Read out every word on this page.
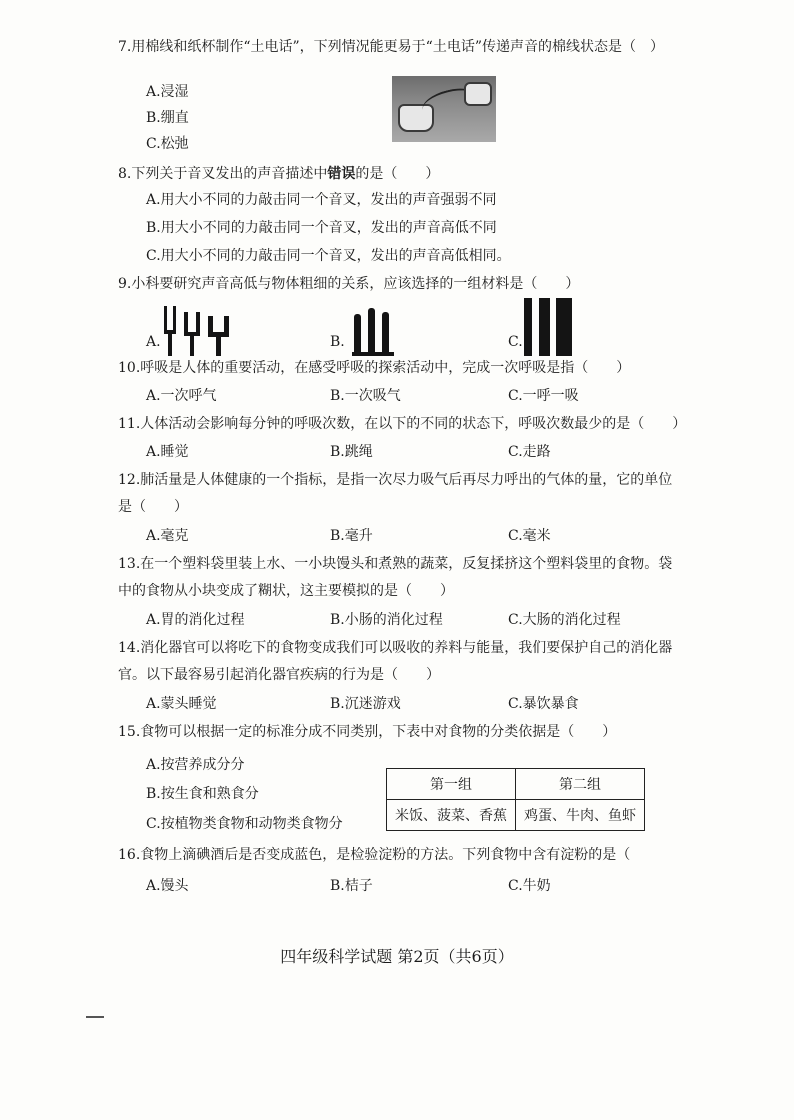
7.用棉线和纸杯制作“土电话”，下列情况能更易于“土电话”传递声音的棉线状态是（　）
A.浸湿
B.绷直
C.松弛
8.下列关于音叉发出的声音描述中错误的是（　　）
A.用大小不同的力敲击同一个音叉，发出的声音强弱不同
B.用大小不同的力敲击同一个音叉，发出的声音高低不同
C.用大小不同的力敲击同一个音叉，发出的声音高低相同。
9.小科要研究声音高低与物体粗细的关系，应该选择的一组材料是（　　）
A.	B.	C.
10.呼吸是人体的重要活动，在感受呼吸的探索活动中，完成一次呼吸是指（　　）
A.一次呼气	B.一次吸气	C.一呼一吸
11.人体活动会影响每分钟的呼吸次数，在以下的不同的状态下，呼吸次数最少的是（　　）
A.睡觉	B.跳绳	C.走路
12.肺活量是人体健康的一个指标，是指一次尽力吸气后再尽力呼出的气体的量，它的单位
是（　　）
A.毫克	B.毫升	C.毫米
13.在一个塑料袋里装上水、一小块馒头和煮熟的蔬菜，反复揉挤这个塑料袋里的食物。袋
中的食物从小块变成了糊状，这主要模拟的是（　　）
A.胃的消化过程	B.小肠的消化过程	C.大肠的消化过程
14.消化器官可以将吃下的食物变成我们可以吸收的养料与能量，我们要保护自己的消化器
官。以下最容易引起消化器官疾病的行为是（　　）
A.蒙头睡觉	B.沉迷游戏	C.暴饮暴食
15.食物可以根据一定的标准分成不同类别，下表中对食物的分类依据是（　　）
A.按营养成分分
B.按生食和熟食分
C.按植物类食物和动物类食物分
第一组	第二组
米饭、菠菜、香蕉	鸡蛋、牛肉、鱼虾
16.食物上滴碘酒后是否变成蓝色，是检验淀粉的方法。下列食物中含有淀粉的是（
A.馒头	B.桔子	C.牛奶
四年级科学试题 第2页（共6页）
